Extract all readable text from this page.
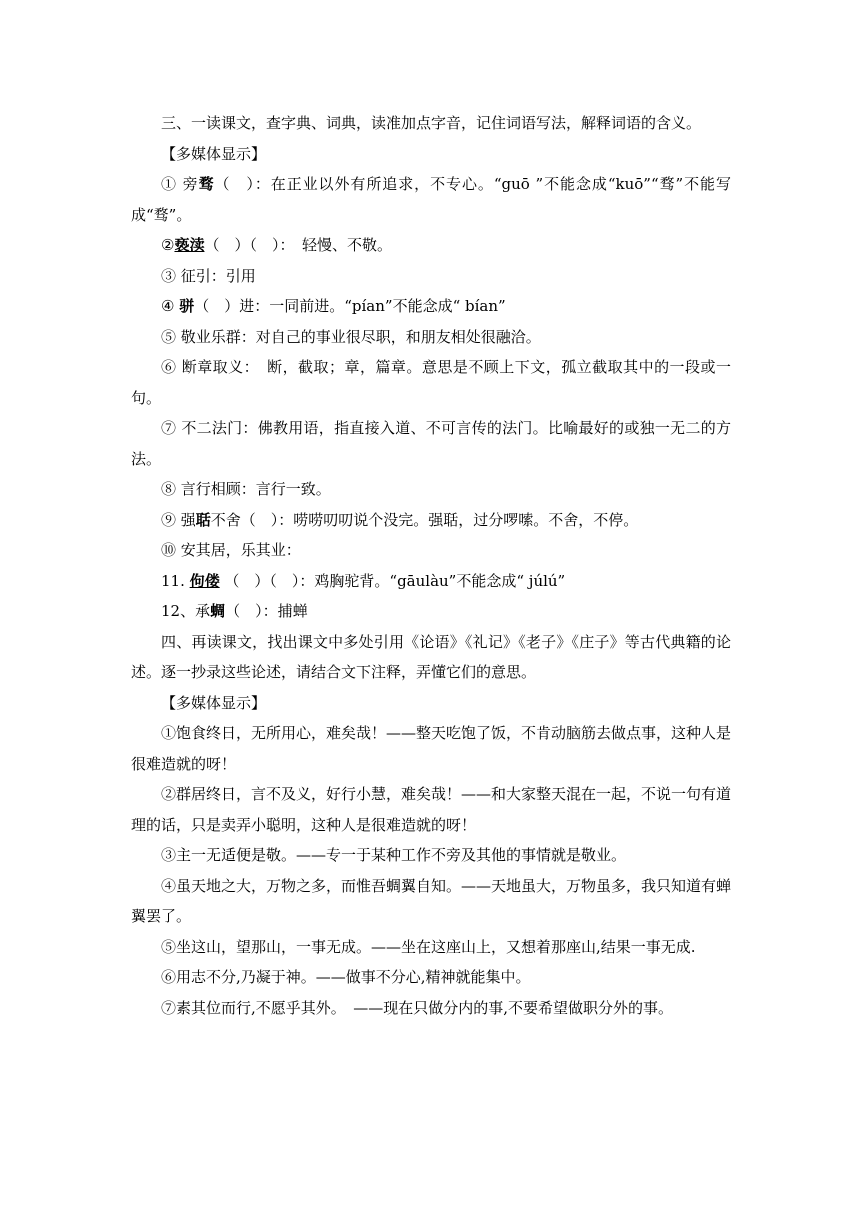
三、一读课文，查字典、词典，读准加点字音，记住词语写法，解释词语的含义。

【多媒体显示】

① 旁骛（　）：在正业以外有所追求，不专心。“guō ”不能念成“kuō”“骛”不能写成“骛”。

②亵渎（　）（　）：　轻慢、不敬。

③ 征引：引用

④ 骈（　）进：一同前进。“pían”不能念成“ bían”

⑤ 敬业乐群：对自己的事业很尽职，和朋友相处很融洽。

⑥ 断章取义：　断，截取；章，篇章。意思是不顾上下文，孤立截取其中的一段或一句。

⑦ 不二法门：佛教用语，指直接入道、不可言传的法门。比喻最好的或独一无二的方法。

⑧ 言行相顾：言行一致。

⑨ 强聒不舍（　）：唠唠叨叨说个没完。强聒，过分啰嗦。不舍，不停。

⑩ 安其居，乐其业：

11. 佝偻 （　）（　）：鸡胸驼背。“gāulàu”不能念成“ júlú”

12、承蜩（　）：捕蝉

四、再读课文，找出课文中多处引用《论语》《礼记》《老子》《庄子》等古代典籍的论述。逐一抄录这些论述，请结合文下注释，弄懂它们的意思。

【多媒体显示】

①饱食终日，无所用心，难矣哉！——整天吃饱了饭，不肯动脑筋去做点事，这种人是很难造就的呀！

②群居终日，言不及义，好行小慧，难矣哉！——和大家整天混在一起，不说一句有道理的话，只是卖弄小聪明，这种人是很难造就的呀！

③主一无适便是敬。——专一于某种工作不旁及其他的事情就是敬业。

④虽天地之大，万物之多，而惟吾蜩翼自知。——天地虽大，万物虽多，我只知道有蝉翼罢了。

⑤坐这山，望那山，一事无成。——坐在这座山上，又想着那座山,结果一事无成.

⑥用志不分,乃凝于神。——做事不分心,精神就能集中。

⑦素其位而行,不愿乎其外。　——现在只做分内的事,不要希望做职分外的事。
